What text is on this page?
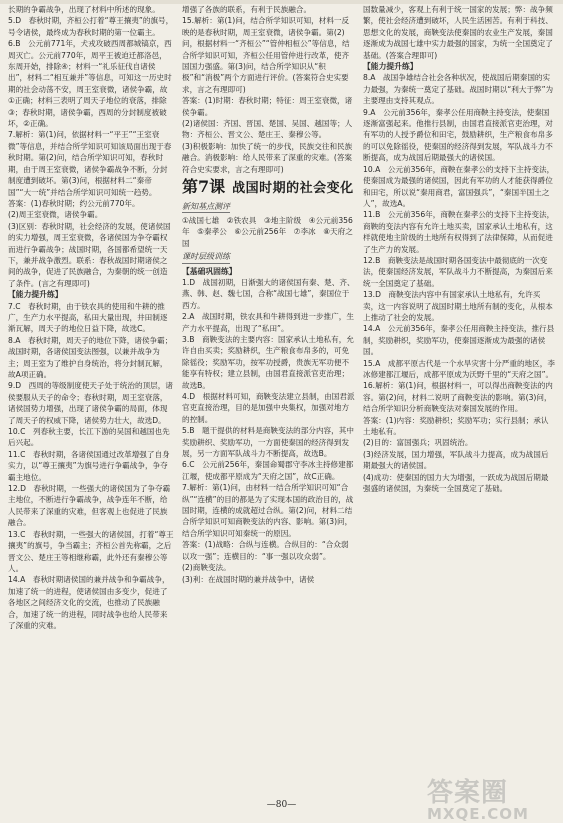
长期的争霸战争，出现了材料中所述的现象。

5.D　春秋时期，齐桓公打着“尊王攘夷”的旗号，号令诸侯，最终成为春秋时期的第一位霸主。

6.B　公元前771年，犬戎攻破西周都城镐京，西周灭亡。公元前770年，周平王被迫迁都洛邑，东周开始，排除④；材料一“礼乐征伐自诸侯出”，材料二“相互兼并”等信息，可知这一历史时期的社会动荡不安，周王室衰微，诸侯争霸，故①正确；材料三表明了周天子地位的衰落，排除③；春秋时期，诸侯争霸，西周的分封制度被破坏，②正确。

7.解析：第(1)问，依据材料一“平王”“王室衰微”等信息，并结合所学知识可知该局面出现于春秋时期。第(2)问，结合所学知识可知，春秋时期，由于周王室衰微，诸侯争霸战争不断，分封制度遭到破坏。第(3)问，根据材料二“秦帝国”“大一统”并结合所学知识可知统一趋势。

答案：(1)春秋时期；约公元前770年。

(2)周王室衰微，诸侯争霸。

(3)区别：春秋时期，社会经济的发展，使诸侯国的实力增强，周王室衰微，各诸侯国为争夺霸权而进行争霸战争；战国时期，各国都希望统一天下，兼并战争激烈。联系：春秋战国时期诸侯之间的战争，促进了民族融合，为秦朝的统一创造了条件。(言之有理即可)

【能力提升练】

7.C　春秋时期，由于铁农具的使用和牛耕的推广，生产力水平提高，私田大量出现，井田制逐渐瓦解，周天子的地位日益下降，故选C。

8.A　春秋时期，周天子的地位下降，诸侯争霸；战国时期，各诸侯国变法图强，以兼并战争为主；周王室为了维护自身统治，将分封制瓦解，故A项正确。

9.D　西周的等级制度使天子处于统治的顶层，诸侯要服从天子的命令；春秋时期，周王室衰落，诸侯国势力增强，出现了诸侯争霸的局面，体现了周天子的权威下降，诸侯势力壮大，故选D。

10.C　列春秋主要，长江下游的吴国和越国也先后兴起。

11.C　春秋时期，各诸侯国通过改革增强了自身实力，以“尊王攘夷”为旗号进行争霸战争，争夺霸主地位。

12.D　春秋时期，一些强大的诸侯国为了争夺霸主地位，不断进行争霸战争，战争连年不断，给人民带来了深重的灾难，但客观上也促进了民族融合。

13.C　春秋时期，一些强大的诸侯国，打着“尊王攘夷”的旗号，争当霸主；齐桓公首先称霸，之后晋文公、楚庄王等相继称霸，此外还有秦穆公等人。

14.A　春秋时期诸侯国的兼并战争和争霸战争，加速了统一的进程，使诸侯国由多变少，促进了各地区之间经济文化的交流，也推动了民族融合，加速了统一的进程，同时战争也给人民带来了深重的灾难。

增强了各族的联系，有利于民族融合。

15.解析：第(1)问，结合所学知识可知，材料一反映的是春秋时期，周王室衰微，诸侯争霸。第(2)问，根据材料一“齐桓公”“管仲相桓公”等信息，结合所学知识可知，齐桓公任用管仲进行改革，使齐国国力强盛。第(3)问，结合所学知识从“积极”和“消极”两个方面进行评价。(答案符合史实要求，言之有理即可)

答案：(1)时期：春秋时期；特征：周王室衰微，诸侯争霸。

(2)诸侯国：齐国、晋国、楚国、吴国、越国等；人物：齐桓公、晋文公、楚庄王、秦穆公等。

(3)积极影响：加快了统一的步伐，民族交往和民族融合。消极影响：给人民带来了深重的灾难。(答案符合史实要求，言之有理即可)

第7课 战国时期的社会变化
新知基点测评

①战国七雄　②铁农具　③地主阶级　④公元前356年　⑤秦孝公　⑥公元前256年　⑦李冰　⑧天府之国

课时层级训练

【基础巩固练】

1.D　战国初期，日渐强大的诸侯国有秦、楚、齐、燕、韩、赵、魏七国，合称“战国七雄”，秦国位于西方。

2.A　战国时期，铁农具和牛耕得到进一步推广，生产力水平提高，出现了“私田”。

3.B　商鞅变法的主要内容：国家承认土地私有，允许自由买卖；奖励耕织，生产粮食布帛多的，可免除徭役；奖励军功，按军功授爵，贵族无军功便不能享有特权；建立县制，由国君直接派官吏治理；故选B。

4.D　根据材料可知，商鞅变法建立县制，由国君派官吏直接治理，目的是加强中央集权，加强对地方的控制。

5.B　题干提供的材料是商鞅变法的部分内容，其中奖励耕织、奖励军功，一方面使秦国的经济得到发展，另一方面军队战斗力不断提高，故选B。

6.C　公元前256年，秦国命蜀郡守李冰主持修建都江堰，使成都平原成为“天府之国”，故C正确。

7.解析：第(1)问，由材料一结合所学知识可知“合纵”“连横”的目的都是为了实现本国的政治目的，战国时期，连横的成就超过合纵。第(2)问，材料二结合所学知识可知商鞅变法的内容、影响。第(3)问，结合所学知识可知秦统一的原因。

答案：(1)战略：合纵与连横。合纵目的：“合众弱以攻一强”；连横目的：“事一强以攻众弱”。

(2)商鞅变法。

(3)利：在战国时期的兼并战争中，诸侯

国数量减少，客观上有利于统一国家的发展；弊：战争频繁，使社会经济遭到破坏，人民生活困苦。有利于科技、思想文化的发展，商鞅变法使秦国的农业生产发展，秦国逐渐成为战国七雄中实力最强的国家，为统一全国奠定了基础。(答案合理即可)

【能力提升练】

8.A　战国争雄结合社会各种状况，使战国后期秦国的实力最强，为秦统一奠定了基础。战国时期以“利大于弊”为主要理由支持其观点。

9.A　公元前356年，秦孝公任用商鞅主持变法，使秦国逐渐富强起来。他推行县制，由国君直接派官吏治理，对有军功的人授予爵位和田宅，鼓励耕织，生产粮食布帛多的可以免除徭役，使秦国的经济得到发展，军队战斗力不断提高，成为战国后期最强大的诸侯国。

10.A　公元前356年，商鞅在秦孝公的支持下主持变法，使秦国成为最强的诸侯国，因此有军功的人才能获得爵位和田宅，所以说“秦用商君，富国强兵”，“秦国半国土之人”，故选A。

11.B　公元前356年，商鞅在秦孝公的支持下主持变法，商鞅的变法内容有允许土地买卖，国家承认土地私有，这样就使地主阶级的土地所有权得到了法律保障，从而促进了生产力的发展。

12.B　商鞅变法是战国时期各国变法中最彻底的一次变法，使秦国经济发展，军队战斗力不断提高，为秦国后来统一全国奠定了基础。

13.D　商鞅变法内容中有国家承认土地私有，允许买卖，这一内容说明了战国时期土地所有制的变化，从根本上推动了社会的发展。

14.A　公元前356年，秦孝公任用商鞅主持变法，推行县制，奖励耕织，奖励军功，使秦国逐渐成为最强的诸侯国。

15.A　成都平原古代是一个水旱灾害十分严重的地区，李冰修建都江堰后，成都平原成为沃野千里的“天府之国”。

16.解析：第(1)问，根据材料一，可以得出商鞅变法的内容。第(2)问，材料二说明了商鞅变法的影响。第(3)问，结合所学知识分析商鞅变法对秦国发展的作用。

答案：(1)内容：奖励耕织；奖励军功；实行县制；承认土地私有。

(2)目的：富国强兵；巩固统治。

(3)经济发展，国力增强，军队战斗力提高，成为战国后期最强大的诸侯国。

(4)成功：使秦国的国力大为增强，一跃成为战国后期最强盛的诸侯国，为秦统一全国奠定了基础。

—80—	答案圈
MXQE.COM
